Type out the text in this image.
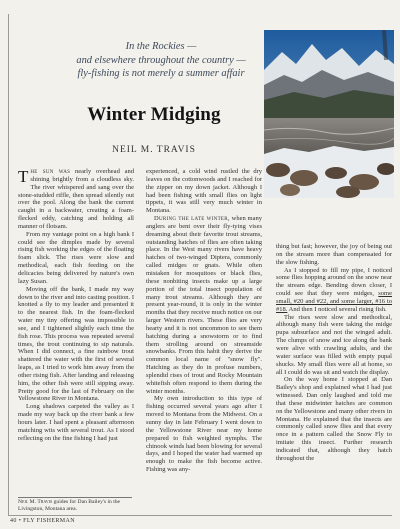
In the Rockies —
and elsewhere throughout the country —
fly-fishing is not merely a summer affair
Winter Midging
NEIL M. TRAVIS

The sun was nearly overhead and shining brightly from a cloudless sky. The river whispered and sang over the stone-studded riffle, then spread silently out over the pool. Along the bank the current caught in a backwater, creating a foam-flecked eddy, catching and holding all manner of flotsam.

From my vantage point on a high bank I could see the dimples made by several rising fish working the edges of the floating foam slick. The rises were slow and methodical, each fish feeding on the delicacies being delivered by nature's own lazy Susan.

Moving off the bank, I made my way down to the river and into casting position. I knotted a fly to my leader and presented it to the nearest fish. In the foam-flecked water my tiny offering was impossible to see, and I tightened slightly each time the fish rose. This process was repeated several times, the trout continuing to sip naturals. When I did connect, a fine rainbow trout shattered the water with the first of several leaps, as I tried to work him away from the other rising fish. After landing and releasing him, the other fish were still sipping away. Pretty good for the last of February on the Yellowstone River in Montana.

Long shadows carpeted the valley as I made my way back up the river bank a few hours later. I had spent a pleasant afternoon matching wits with several trout. As I stood reflecting on the fine fishing I had just

experienced, a cold wind rustled the dry leaves on the cottonwoods and I reached for the zipper on my down jacket. Although I had been fishing with small flies on light tippets, it was still very much winter in Montana.

During the late winter, when many anglers are bent over their fly-tying vises dreaming about their favorite trout streams, outstanding hatches of flies are often taking place. In the West many rivers have heavy hatches of two-winged Diptera, commonly called midges or gnats. While often mistaken for mosquitoes or black flies, these nonbiting insects make up a large portion of the total insect population of many trout streams. Although they are present year-round, it is only in the winter months that they receive much notice on our larger Western rivers. These flies are very hearty and it is not uncommon to see them hatching during a snowstorm or to find them strolling around on streamside snowbanks. From this habit they derive the common local name of "snow fly". Hatching as they do in profuse numbers, splendid rises of trout and Rocky Mountain whitefish often respond to them during the winter months.

My own introduction to this type of fishing occurred several years ago after I moved to Montana from the Midwest. On a sunny day in late February I went down to the Yellowstone River near my home prepared to fish weighted nymphs. The chinook winds had been blowing for several days, and I hoped the water had warmed up enough to make the fish become active. Fishing was any-

thing but fast; however, the joy of being out on the stream more than compensated for the slow fishing.

As I stopped to fill my pipe, I noticed some flies hopping around on the snow near the stream edge. Bending down closer, I could see that they were midges, some small, #20 and #22, and some larger, #16 to #18. And then I noticed several rising fish.

The rises were slow and methodical, although many fish were taking the midge pupa subsurface and not the winged adult. The clumps of snow and ice along the bank were alive with crawling adults, and the water surface was filled with empty pupal shucks. My small flies were all at home, so all I could do was sit and watch the display.

On the way home I stopped at Dan Bailey's shop and explained what I had just witnessed. Dan only laughed and told me that these midwinter hatches are common on the Yellowstone and many other rivers in Montana. He explained that the insects are commonly called snow flies and that every once in a pattern called the Snow Fly to imitate this insect. Further research indicated that, although they hatch throughout the

Neil M. Travis guides for Dan Bailey's in the Livingston, Montana area.
40 • FLY FISHERMAN
